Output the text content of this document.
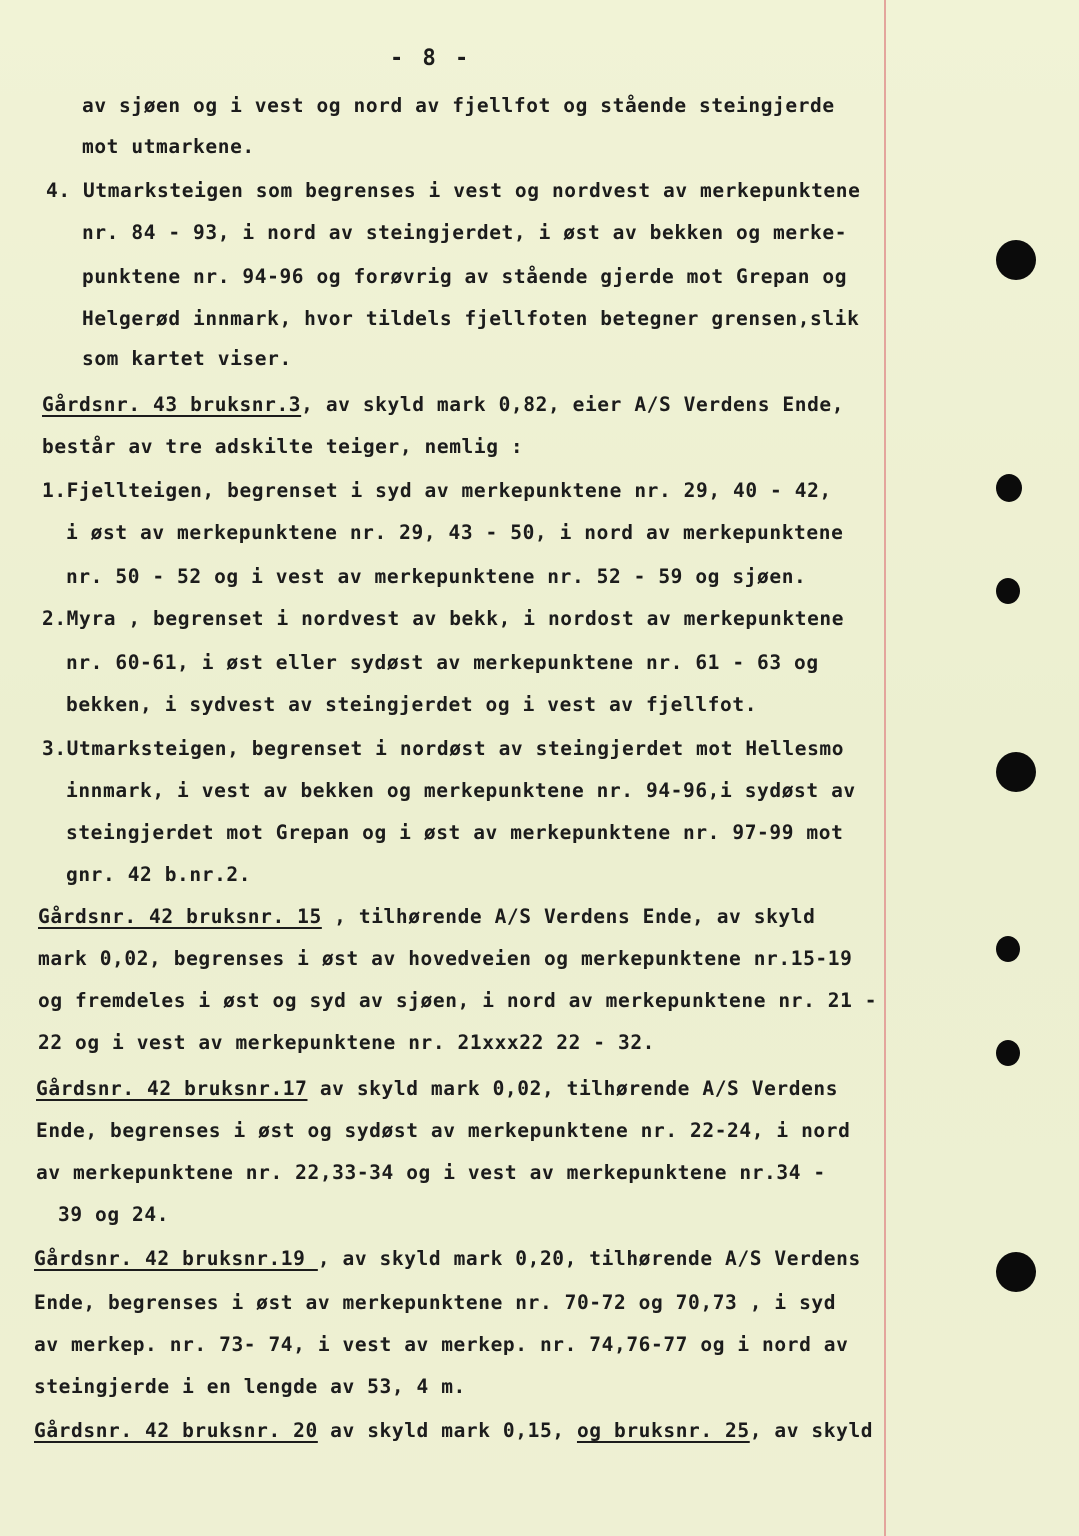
- 8 -
av sjøen og i vest og nord av fjellfot og stående steingjerde
mot utmarkene.
4. Utmarksteigen som begrenses i vest og nordvest av merkepunktene
nr. 84 - 93, i nord av steingjerdet, i øst av bekken og merke-
punktene nr. 94-96 og forøvrig av stående gjerde mot Grepan og
Helgerød innmark, hvor tildels fjellfoten betegner grensen,slik
som kartet viser.
Gårdsnr. 43 bruksnr.3, av skyld mark 0,82, eier A/S Verdens Ende,
består av tre adskilte teiger, nemlig :
1.Fjellteigen, begrenset i syd av merkepunktene nr. 29, 40 - 42,
i øst av merkepunktene nr. 29, 43 - 50, i nord av merkepunktene
nr. 50 - 52 og i vest av merkepunktene nr. 52 - 59 og sjøen.
2.Myra , begrenset i nordvest av bekk, i nordost av merkepunktene
nr. 60-61, i øst eller sydøst av merkepunktene nr. 61 - 63 og
bekken, i sydvest av steingjerdet og i vest av fjellfot.
3.Utmarksteigen, begrenset i nordøst av steingjerdet mot Hellesmo
innmark, i vest av bekken og merkepunktene nr. 94-96,i sydøst av
steingjerdet mot Grepan og i øst av merkepunktene nr. 97-99 mot
gnr. 42 b.nr.2.
Gårdsnr. 42 bruksnr. 15 , tilhørende A/S Verdens Ende, av skyld
mark 0,02, begrenses i øst av hovedveien og merkepunktene nr.15-19
og fremdeles i øst og syd av sjøen, i nord av merkepunktene nr. 21 -
22 og i vest av merkepunktene nr. 21xxx22 22 - 32.
Gårdsnr. 42 bruksnr.17 av skyld mark 0,02, tilhørende A/S Verdens
Ende, begrenses i øst og sydøst av merkepunktene nr. 22-24, i nord
av merkepunktene nr. 22,33-34 og i vest av merkepunktene nr.34 -
39 og 24.
Gårdsnr. 42 bruksnr.19 , av skyld mark 0,20, tilhørende A/S Verdens
Ende, begrenses i øst av merkepunktene nr. 70-72 og 70,73 , i syd
av merkep. nr. 73- 74, i vest av merkep. nr. 74,76-77 og i nord av
steingjerde i en lengde av 53, 4 m.
Gårdsnr. 42 bruksnr. 20 av skyld mark 0,15, og bruksnr. 25, av skyld
